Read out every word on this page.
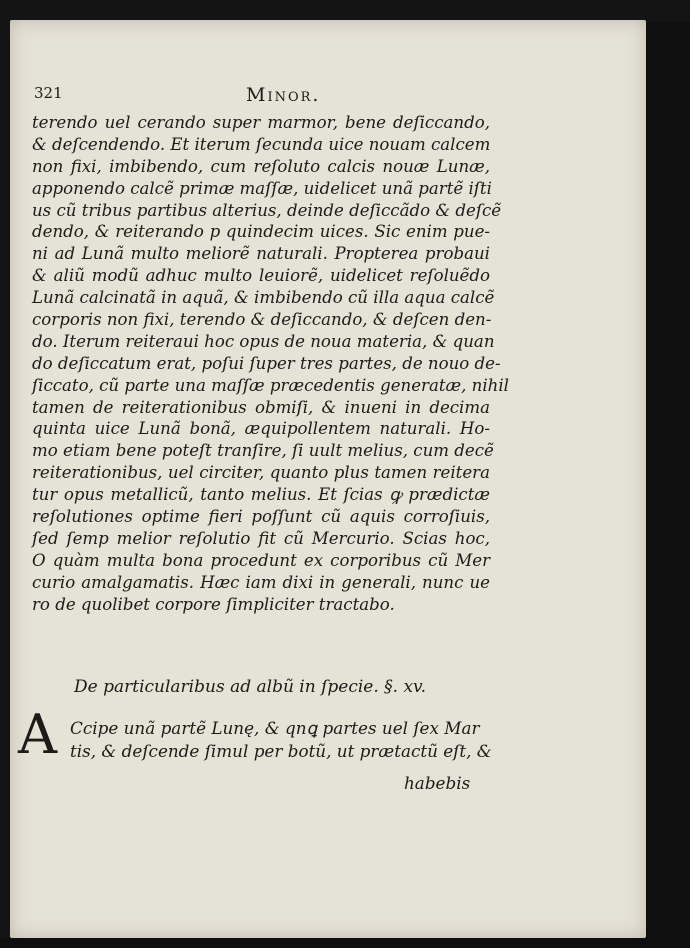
321	Minor.
terendo uel cerando super marmor, bene deſiccando,
& deſcendendo. Et iterum ſecunda uice nouam calcem
non fixi, imbibendo, cum reſoluto calcis nouæ Lunæ,
apponendo calcẽ primæ maſſæ, uidelicet unã partẽ iſti
us cũ tribus partibus alterius, deinde deſiccãdo & deſcẽ
dendo, & reiterando p quindecim uices. Sic enim pue-
ni ad Lunã multo meliorẽ naturali. Propterea probaui
& aliũ modũ adhuc multo leuiorẽ, uidelicet reſoluẽdo
Lunã calcinatã in aquã, & imbibendo cũ illa aqua calcẽ
corporis non fixi, terendo & deſiccando, & deſcen den-
do. Iterum reiteraui hoc opus de noua materia, & quan
do deſiccatum erat, poſui ſuper tres partes, de nouo de-
ſiccato, cũ parte una maſſæ præcedentis generatæ, nihil
tamen de reiterationibus obmiſi, & inueni in decima
quinta uice Lunã bonã, æquipollentem naturali. Ho-
mo etiam bene poteſt tranſire, ſi uult melius, cum decẽ
reiterationibus, uel circiter, quanto plus tamen reitera
tur opus metallicũ, tanto melius. Et ſcias ꝙ prædictæ
reſolutiones optime fieri poſſunt cũ aquis corroſiuis,
ſed ſemp melior reſolutio fit cũ Mercurio. Scias hoc,
O quàm multa bona procedunt ex corporibus cũ Mer
curio amalgamatis. Hæc iam dixi in generali, nunc ue
ro de quolibet corpore ſimpliciter tractabo.
De particularibus ad albũ in ſpecie. §. xv.
A Ccipe unã partẽ Lunę, & qnꝗ partes uel ſex Mar
tis, & deſcende ſimul per botũ, ut prætactũ eſt, &
habebis
